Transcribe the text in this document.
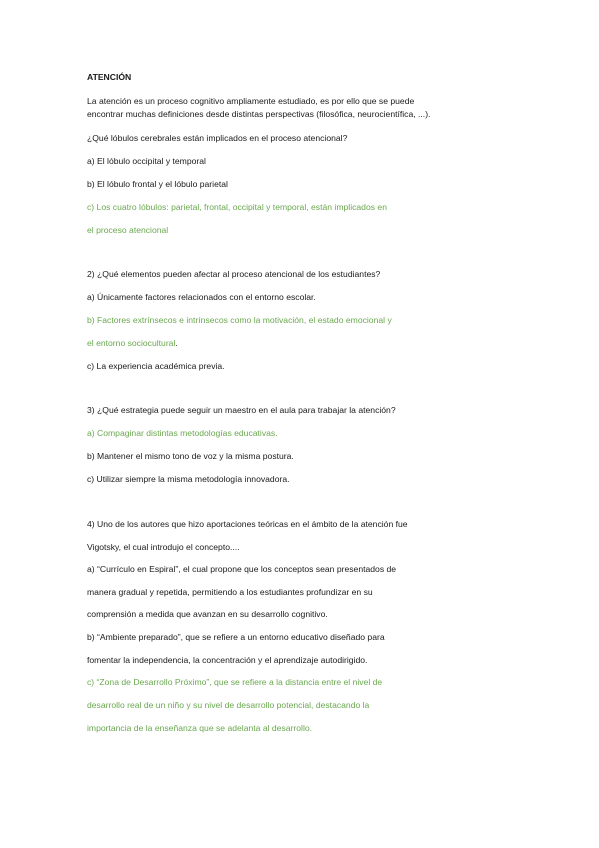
ATENCIÓN

La atención es un proceso cognitivo ampliamente estudiado, es por ello que se puede

encontrar muchas definiciones desde distintas perspectivas (filosófica, neurocientífica, ...).

¿Qué lóbulos cerebrales están implicados en el proceso atencional?

a) El lóbulo occipital y temporal

b) El lóbulo frontal y el lóbulo parietal

c) Los cuatro lóbulos: parietal, frontal, occipital y temporal, están implicados en

el proceso atencional

2) ¿Qué elementos pueden afectar al proceso atencional de los estudiantes?

a) Únicamente factores relacionados con el entorno escolar.

b) Factores extrínsecos e intrínsecos como la motivación, el estado emocional y

el entorno sociocultural.

c) La experiencia académica previa.

3) ¿Qué estrategia puede seguir un maestro en el aula para trabajar la atención?

a) Compaginar distintas metodologías educativas.

b) Mantener el mismo tono de voz y la misma postura.

c) Utilizar siempre la misma metodología innovadora.

4) Uno de los autores que hizo aportaciones teóricas en el ámbito de la atención fue

Vigotsky, el cual introdujo el concepto....

a) “Currículo en Espiral”, el cual propone que los conceptos sean presentados de

manera gradual y repetida, permitiendo a los estudiantes profundizar en su

comprensión a medida que avanzan en su desarrollo cognitivo.

b) “Ambiente preparado”, que se refiere a un entorno educativo diseñado para

fomentar la independencia, la concentración y el aprendizaje autodirigido.

c) “Zona de Desarrollo Próximo”, que se refiere a la distancia entre el nivel de

desarrollo real de un niño y su nivel de desarrollo potencial, destacando la

importancia de la enseñanza que se adelanta al desarrollo.
